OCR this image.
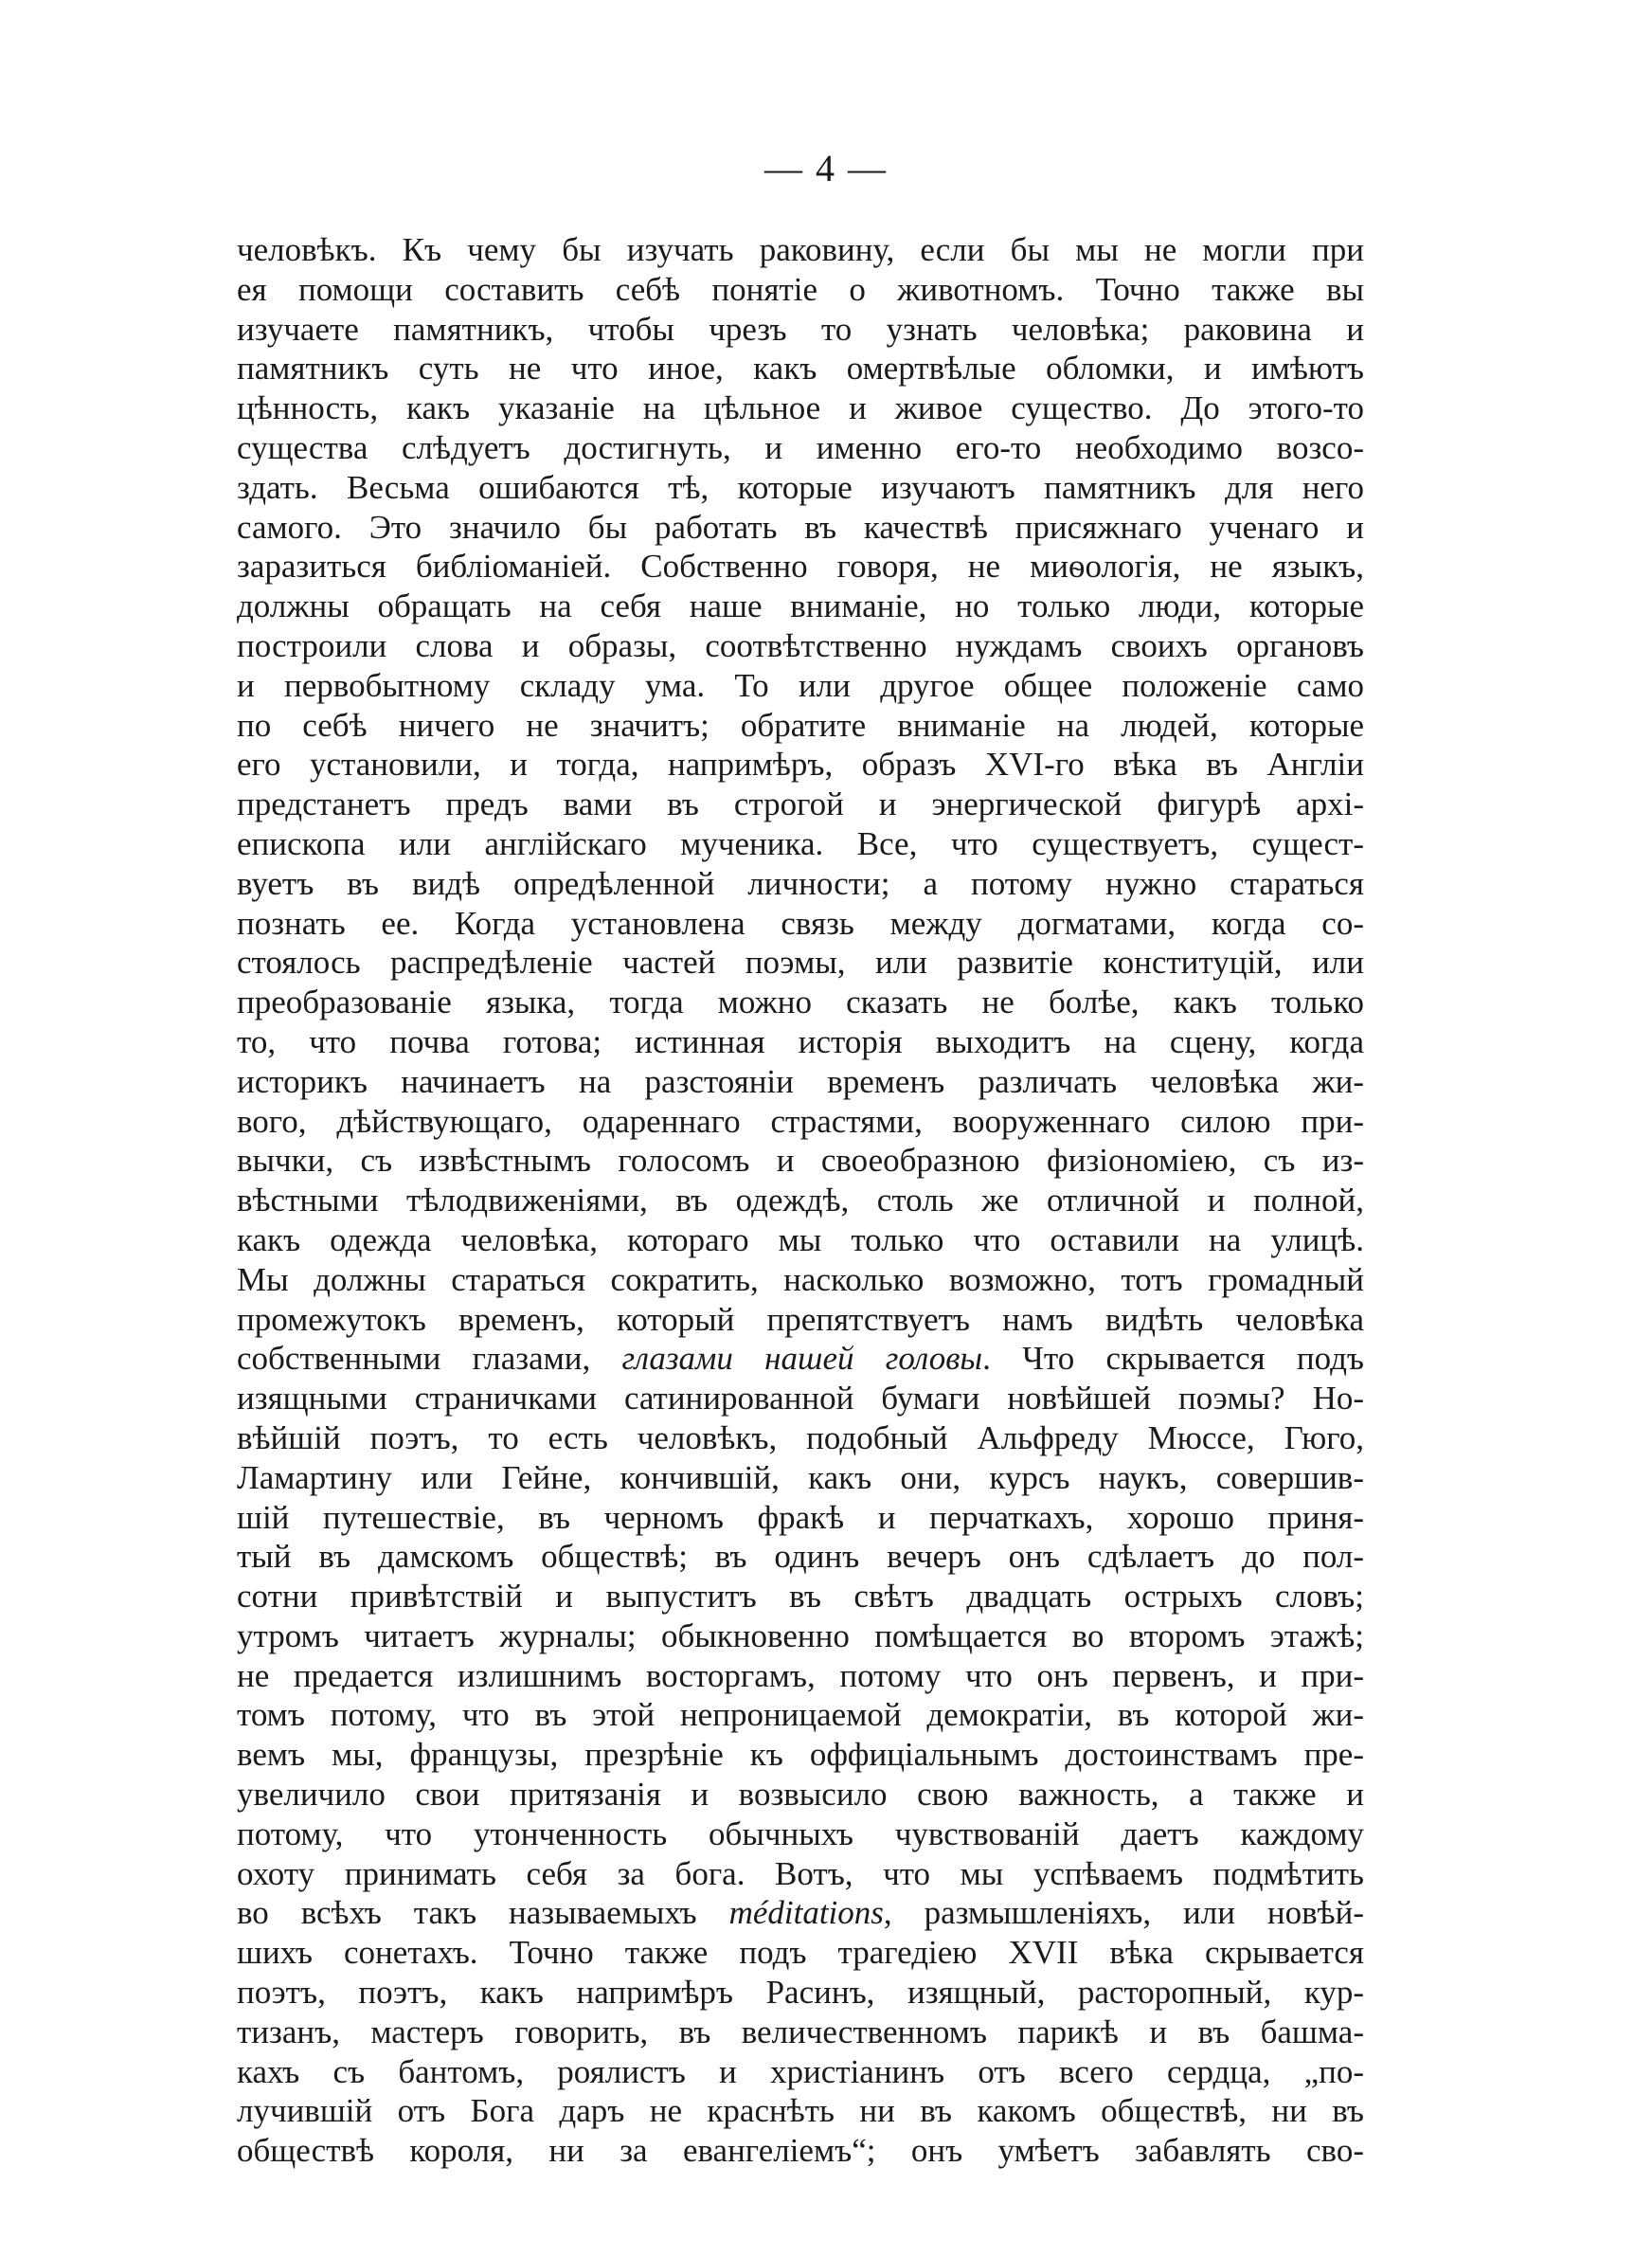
— 4 —
человѣкъ. Къ чему бы изучать раковину, если бы мы не могли при
ея помощи составить себѣ понятіе о животномъ. Точно также вы
изучаете памятникъ, чтобы чрезъ то узнать человѣка; раковина и
памятникъ суть не что иное, какъ омертвѣлые обломки, и имѣютъ
цѣнность, какъ указаніе на цѣльное и живое существо. До этого-то
существа слѣдуетъ достигнуть, и именно его-то необходимо возсо-
здать. Весьма ошибаются тѣ, которые изучаютъ памятникъ для него
самого. Это значило бы работать въ качествѣ присяжнаго ученаго и
заразиться библіоманіей. Собственно говоря, не миѳологія, не языкъ,
должны обращать на себя наше вниманіе, но только люди, которые
построили слова и образы, соотвѣтственно нуждамъ своихъ органовъ
и первобытному складу ума. То или другое общее положеніе само
по себѣ ничего не значитъ; обратите вниманіе на людей, которые
его установили, и тогда, напримѣръ, образъ XVI-го вѣка въ Англіи
предстанетъ предъ вами въ строгой и энергической фигурѣ архі-
епископа или англійскаго мученика. Все, что существуетъ, сущест-
вуетъ въ видѣ опредѣленной личности; а потому нужно стараться
познать ее. Когда установлена связь между догматами, когда со-
стоялось распредѣленіе частей поэмы, или развитіе конституцій, или
преобразованіе языка, тогда можно сказать не болѣе, какъ только
то, что почва готова; истинная исторія выходитъ на сцену, когда
историкъ начинаетъ на разстояніи временъ различать человѣка жи-
вого, дѣйствующаго, одареннаго страстями, вооруженнаго силою при-
вычки, съ извѣстнымъ голосомъ и своеобразною физіономіею, съ из-
вѣстными тѣлодвиженіями, въ одеждѣ, столь же отличной и полной,
какъ одежда человѣка, котораго мы только что оставили на улицѣ.
Мы должны стараться сократить, насколько возможно, тотъ громадный
промежутокъ временъ, который препятствуетъ намъ видѣть человѣка
собственными глазами, глазами нашей головы. Что скрывается подъ
изящными страничками сатинированной бумаги новѣйшей поэмы? Но-
вѣйшій поэтъ, то есть человѣкъ, подобный Альфреду Мюссе, Гюго,
Ламартину или Гейне, кончившій, какъ они, курсъ наукъ, совершив-
шій путешествіе, въ черномъ фракѣ и перчаткахъ, хорошо приня-
тый въ дамскомъ обществѣ; въ одинъ вечеръ онъ сдѣлаетъ до пол-
сотни привѣтствій и выпуститъ въ свѣтъ двадцать острыхъ словъ;
утромъ читаетъ журналы; обыкновенно помѣщается во второмъ этажѣ;
не предается излишнимъ восторгамъ, потому что онъ первенъ, и при-
томъ потому, что въ этой непроницаемой демократіи, въ которой жи-
вемъ мы, французы, презрѣніе къ оффиціальнымъ достоинствамъ пре-
увеличило свои притязанія и возвысило свою важность, а также и
потому, что утонченность обычныхъ чувствованій даетъ каждому
охоту принимать себя за бога. Вотъ, что мы успѣваемъ подмѣтить
во всѣхъ такъ называемыхъ méditations, размышленіяхъ, или новѣй-
шихъ сонетахъ. Точно также подъ трагедіею XVII вѣка скрывается
поэтъ, поэтъ, какъ напримѣръ Расинъ, изящный, расторопный, кур-
тизанъ, мастеръ говорить, въ величественномъ парикѣ и въ башма-
кахъ съ бантомъ, роялистъ и христіанинъ отъ всего сердца, „по-
лучившій отъ Бога даръ не краснѣть ни въ какомъ обществѣ, ни въ
обществѣ короля, ни за евангеліемъ“; онъ умѣетъ забавлять сво-
